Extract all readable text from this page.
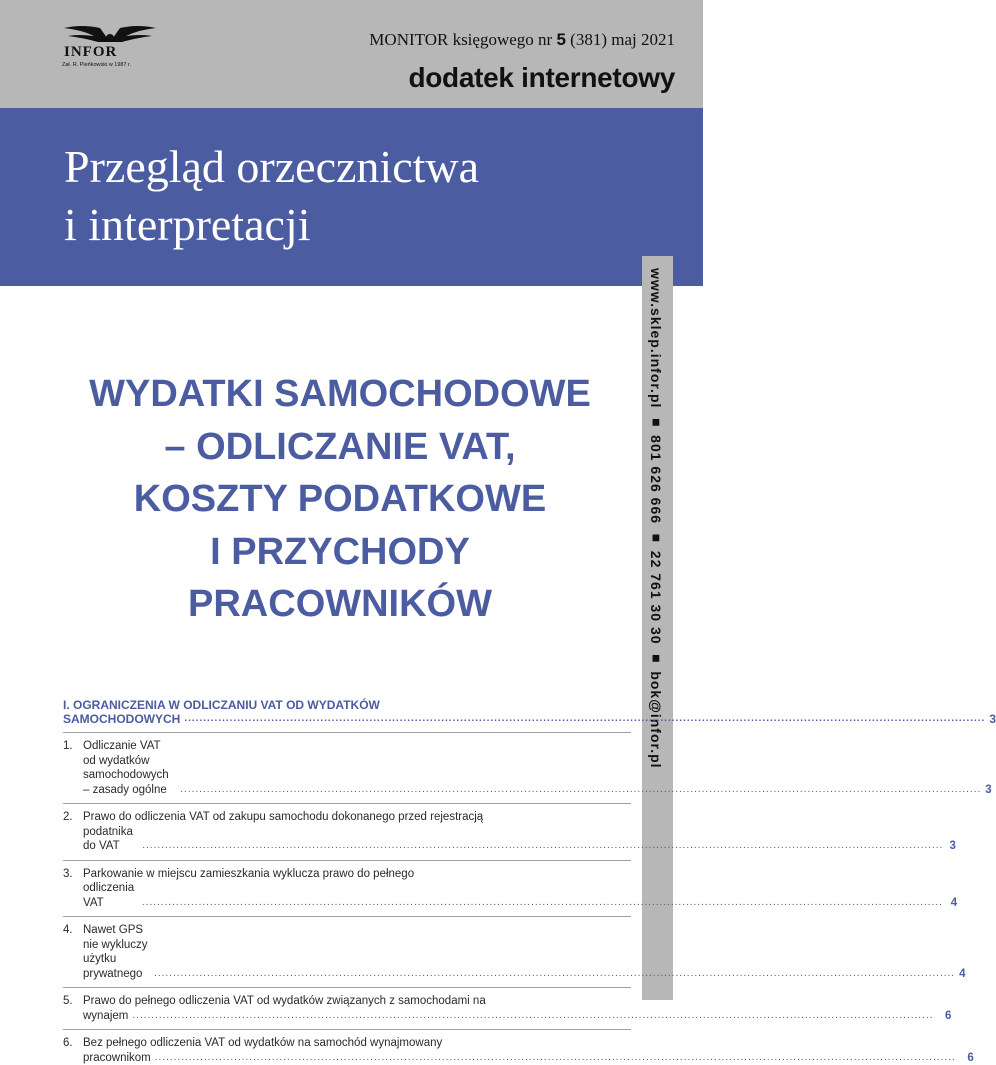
INFOR
Zał. R. Pieńkowski w 1987 r.
MONITOR księgowego nr 5 (381) maj 2021
dodatek internetowy
Przegląd orzecznictwa
i interpretacji
www.sklep.infor.pl ■ 801 626 666 ■ 22 761 30 30 ■ bok@infor.pl
WYDATKI SAMOCHODOWE
– ODLICZANIE VAT,
KOSZTY PODATKOWE
I PRZYCHODY
PRACOWNIKÓW
I. OGRANICZENIA W ODLICZANIU VAT OD WYDATKÓW
SAMOCHODOWYCH .....	3
1. Odliczanie VAT od wydatków samochodowych – zasady ogólne .....	3
2. Prawo do odliczenia VAT od zakupu samochodu dokonanego przed rejestracją
podatnika do VAT .....	3
3. Parkowanie w miejscu zamieszkania wyklucza prawo do pełnego
odliczenia VAT .....	4
4. Nawet GPS nie wykluczy użytku prywatnego .....	4
5. Prawo do pełnego odliczenia VAT od wydatków związanych z samochodami na
wynajem .....	6
6. Bez pełnego odliczenia VAT od wydatków na samochód wynajmowany
pracownikom .....	6
